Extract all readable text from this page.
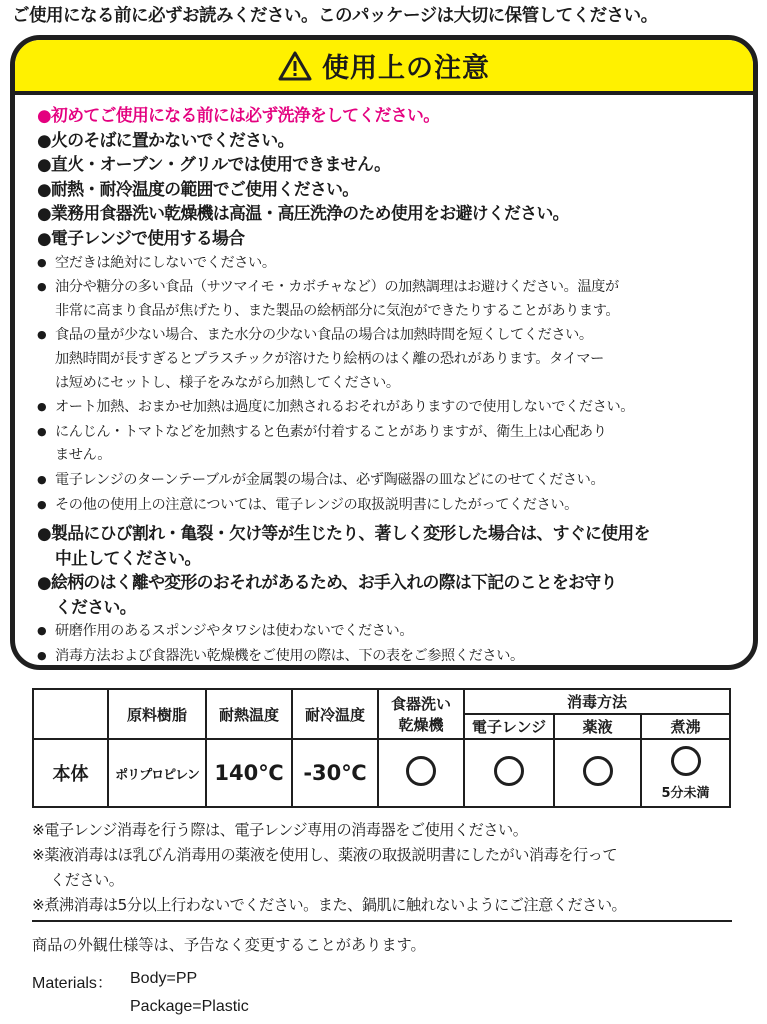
ご使用になる前に必ずお読みください。このパッケージは大切に保管してください。
使用上の注意
●初めてご使用になる前には必ず洗浄をしてください。
●火のそばに置かないでください。
●直火・オーブン・グリルでは使用できません。
●耐熱・耐冷温度の範囲でご使用ください。
●業務用食器洗い乾燥機は高温・高圧洗浄のため使用をお避けください。
●電子レンジで使用する場合
● 空だきは絶対にしないでください。
● 油分や糖分の多い食品（サツマイモ・カボチャなど）の加熱調理はお避けください。温度が
非常に高まり食品が焦げたり、また製品の絵柄部分に気泡ができたりすることがあります。
● 食品の量が少ない場合、また水分の少ない食品の場合は加熱時間を短くしてください。
加熱時間が長すぎるとプラスチックが溶けたり絵柄のはく離の恐れがあります。タイマー
は短めにセットし、様子をみながら加熱してください。
● オート加熱、おまかせ加熱は過度に加熱されるおそれがありますので使用しないでください。
● にんじん・トマトなどを加熱すると色素が付着することがありますが、衛生上は心配あり
ません。
● 電子レンジのターンテーブルが金属製の場合は、必ず陶磁器の皿などにのせてください。
● その他の使用上の注意については、電子レンジの取扱説明書にしたがってください。
●製品にひび割れ・亀裂・欠け等が生じたり、著しく変形した場合は、すぐに使用を
中止してください。
●絵柄のはく離や変形のおそれがあるため、お手入れの際は下記のことをお守り
ください。
● 研磨作用のあるスポンジやタワシは使わないでください。
● 消毒方法および食器洗い乾燥機をご使用の際は、下の表をご参照ください。
	原料樹脂	耐熱温度	耐冷温度	食器洗い
乾燥機	消毒方法		
					電子レンジ	薬液	煮沸
本体	ポリプロピレン	140℃	-30℃				5分未満
※電子レンジ消毒を行う際は、電子レンジ専用の消毒器をご使用ください。
※薬液消毒はほ乳びん消毒用の薬液を使用し、薬液の取扱説明書にしたがい消毒を行って
ください。
※煮沸消毒は5分以上行わないでください。また、鍋肌に触れないようにご注意ください。
商品の外観仕様等は、予告なく変更することがあります。
Materials：	Body=PP
Package=Plastic
